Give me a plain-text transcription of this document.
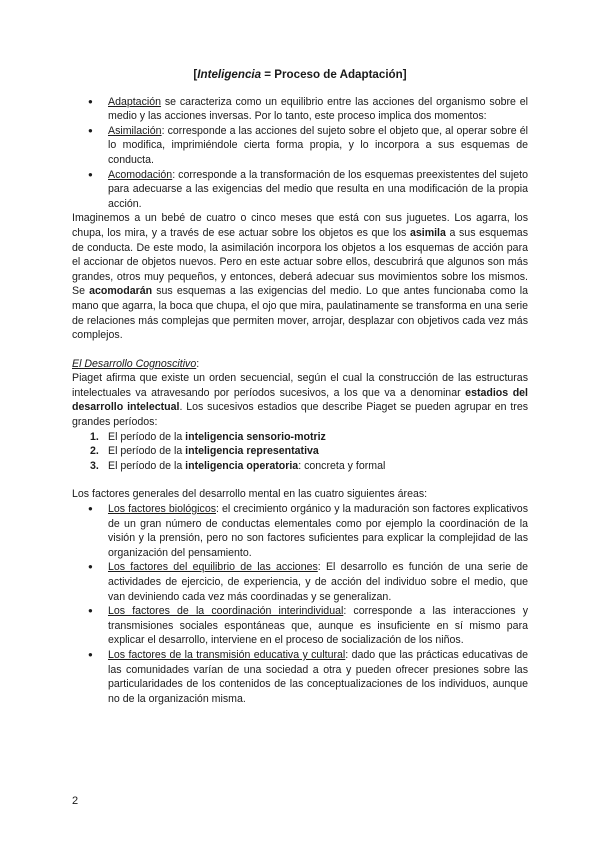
[Inteligencia = Proceso de Adaptación]
● Adaptación se caracteriza como un equilibrio entre las acciones del organismo sobre el medio y las acciones inversas. Por lo tanto, este proceso implica dos momentos:
● Asimilación: corresponde a las acciones del sujeto sobre el objeto que, al operar sobre él lo modifica, imprimiéndole cierta forma propia, y lo incorpora a sus esquemas de conducta.
● Acomodación: corresponde a la transformación de los esquemas preexistentes del sujeto para adecuarse a las exigencias del medio que resulta en una modificación de la propia acción.

Imaginemos a un bebé de cuatro o cinco meses que está con sus juguetes. Los agarra, los chupa, los mira, y a través de ese actuar sobre los objetos es que los asimila a sus esquemas de conducta. De este modo, la asimilación incorpora los objetos a los esquemas de acción para el accionar de objetos nuevos. Pero en este actuar sobre ellos, descubrirá que algunos son más grandes, otros muy pequeños, y entonces, deberá adecuar sus movimientos sobre los mismos. Se acomodarán sus esquemas a las exigencias del medio. Lo que antes funcionaba como la mano que agarra, la boca que chupa, el ojo que mira, paulatinamente se transforma en una serie de relaciones más complejas que permiten mover, arrojar, desplazar con objetivos cada vez más complejos.

El Desarrollo Cognoscitivo:

Piaget afirma que existe un orden secuencial, según el cual la construcción de las estructuras intelectuales va atravesando por períodos sucesivos, a los que va a denominar estadios del desarrollo intelectual. Los sucesivos estadios que describe Piaget se pueden agrupar en tres grandes períodos:

1. El período de la inteligencia sensorio-motriz
2. El período de la inteligencia representativa
3. El período de la inteligencia operatoria: concreta y formal

Los factores generales del desarrollo mental en las cuatro siguientes áreas:

● Los factores biológicos: el crecimiento orgánico y la maduración son factores explicativos de un gran número de conductas elementales como por ejemplo la coordinación de la visión y la prensión, pero no son factores suficientes para explicar la complejidad de las organización del pensamiento.
● Los factores del equilibrio de las acciones: El desarrollo es función de una serie de actividades de ejercicio, de experiencia, y de acción del individuo sobre el medio, que van deviniendo cada vez más coordinadas y se generalizan.
● Los factores de la coordinación interindividual: corresponde a las interacciones y transmisiones sociales espontáneas que, aunque es insuficiente en sí mismo para explicar el desarrollo, interviene en el proceso de socialización de los niños.
● Los factores de la transmisión educativa y cultural: dado que las prácticas educativas de las comunidades varían de una sociedad a otra y pueden ofrecer presiones sobre las particularidades de los contenidos de las conceptualizaciones de los individuos, aunque no de la organización misma.
2
